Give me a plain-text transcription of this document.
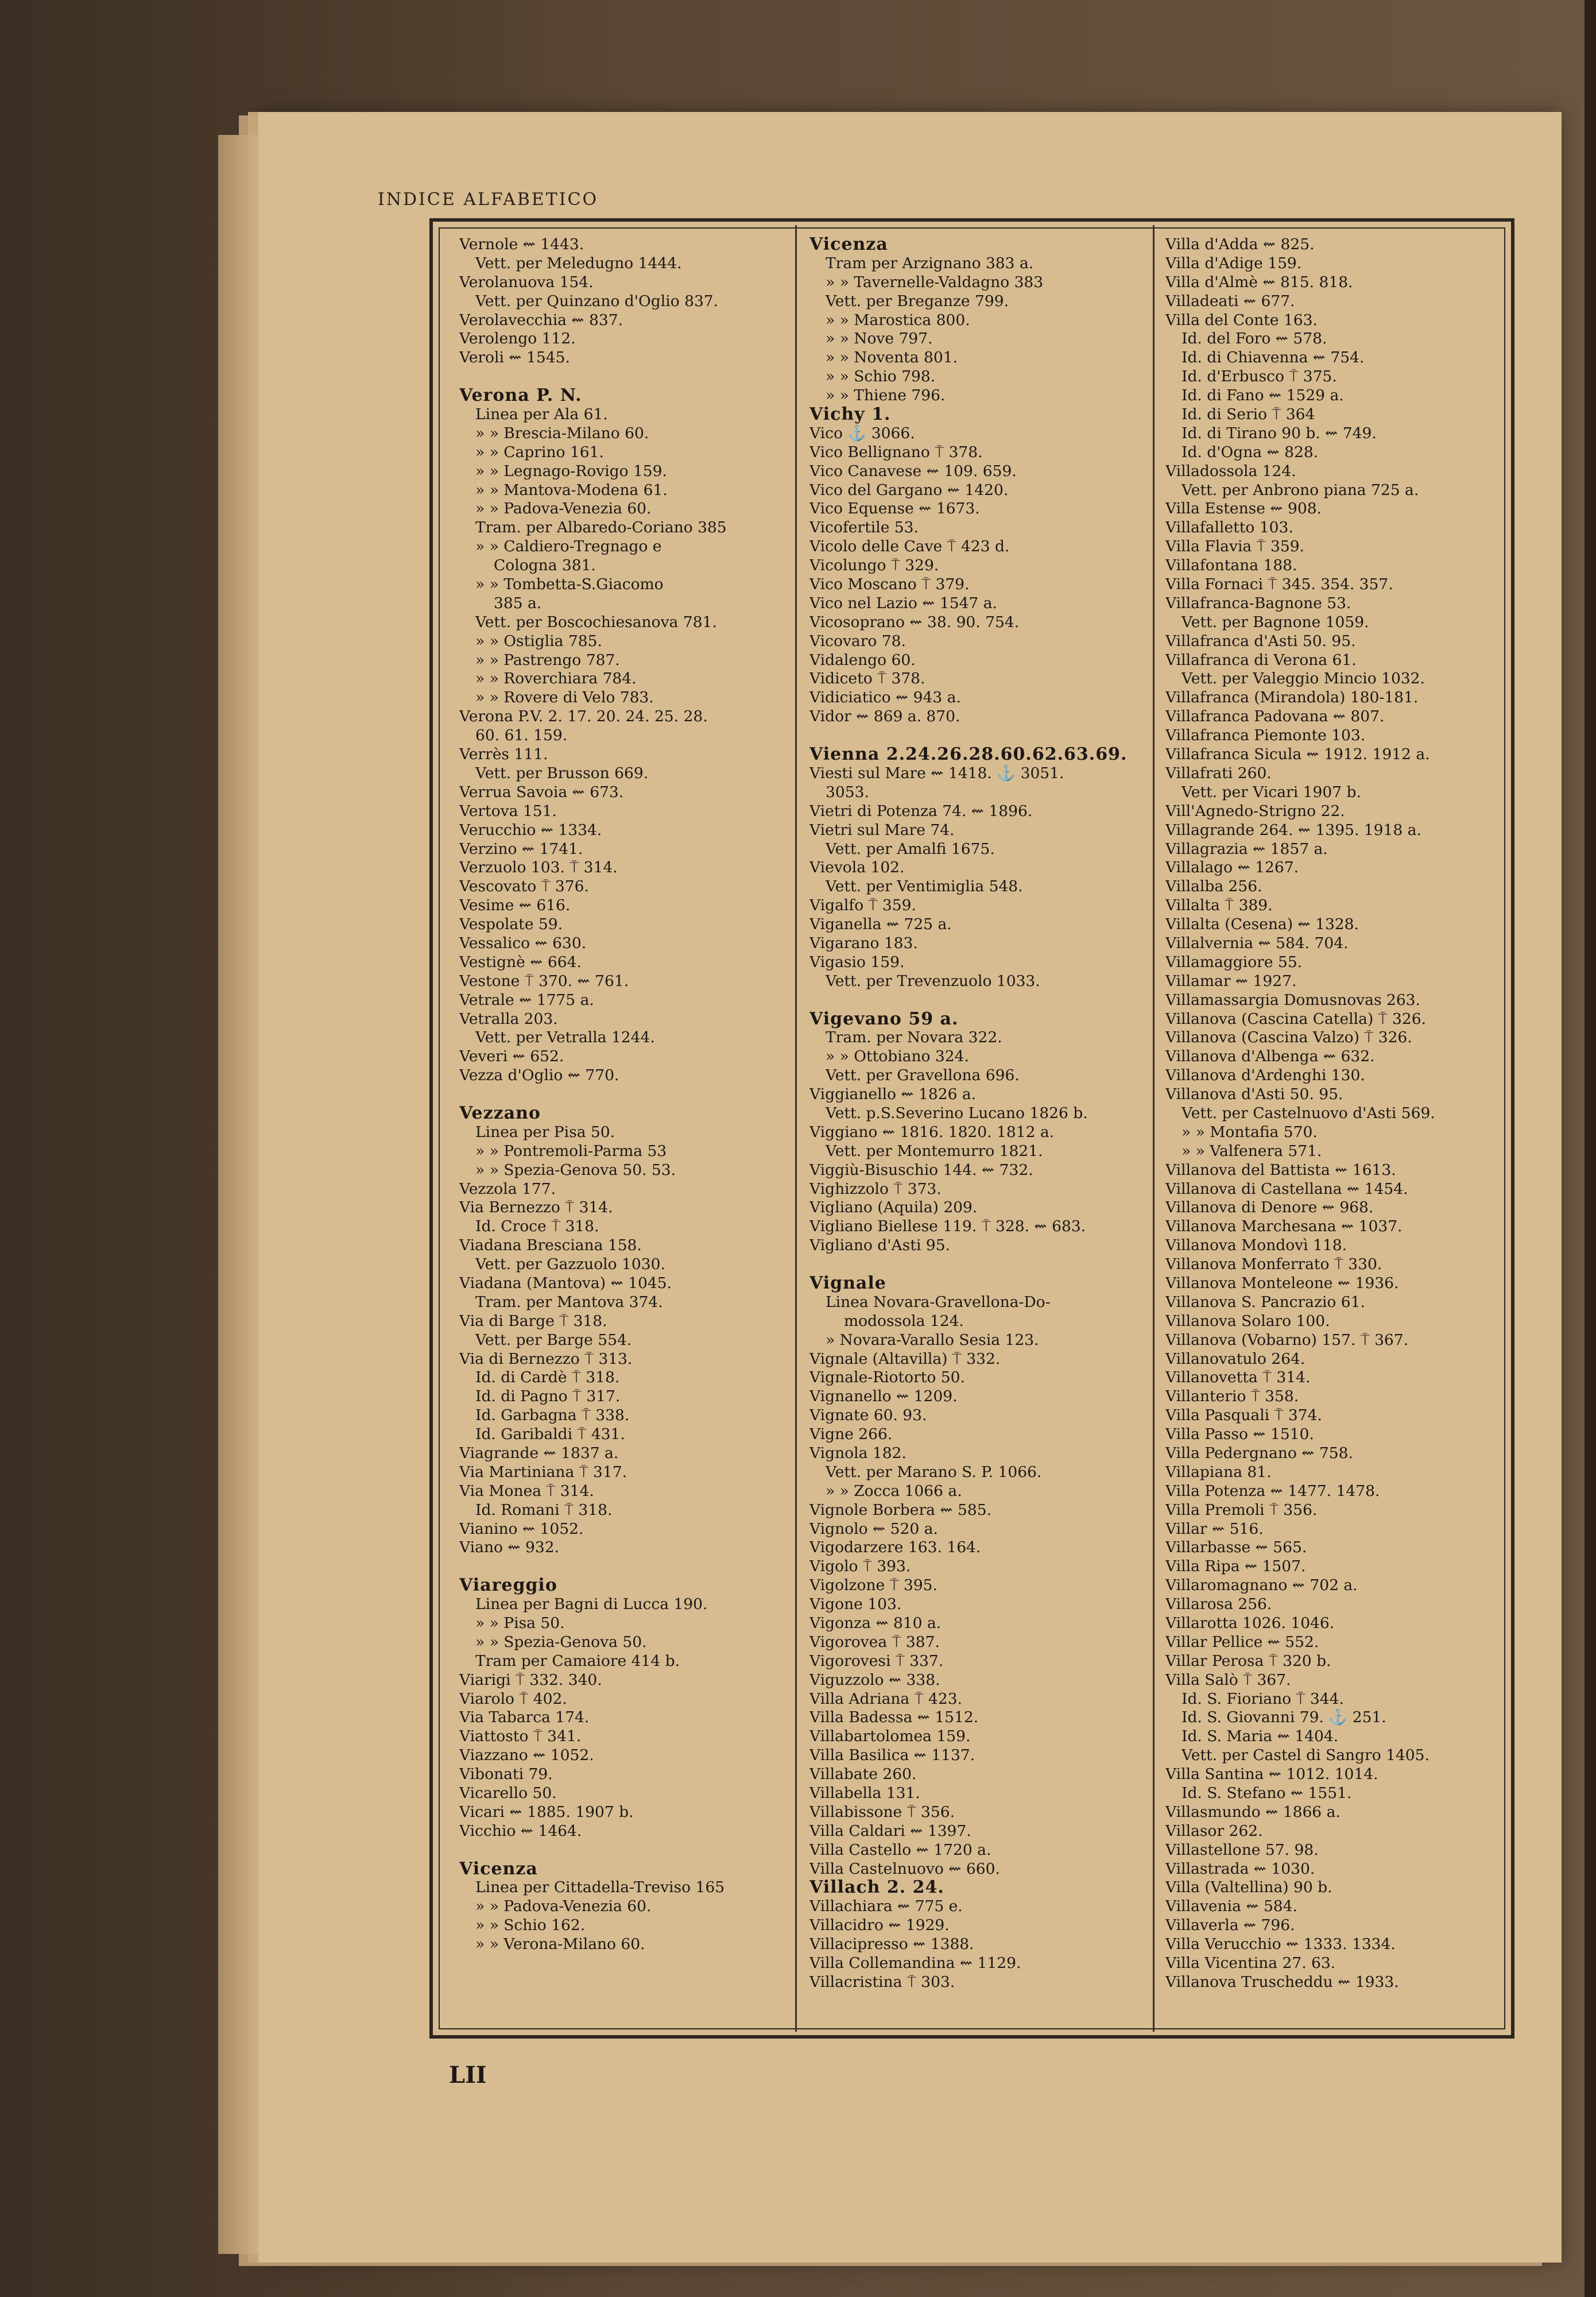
INDICE ALFABETICO
Vernole ⇜ 1443.
Vett. per Meledugno 1444.
Verolanuova 154.
Vett. per Quinzano d'Oglio 837.
Verolavecchia ⇜ 837.
Verolengo 112.
Veroli ⇜ 1545.
Verona P. N.
Linea per Ala 61.
» » Brescia-Milano 60.
» » Caprino 161.
» » Legnago-Rovigo 159.
» » Mantova-Modena 61.
» » Padova-Venezia 60.
Tram. per Albaredo-Coriano 385
» » Caldiero-Tregnago e
Cologna 381.
» » Tombetta-S.Giacomo
385 a.
Vett. per Boscochiesanova 781.
» » Ostiglia 785.
» » Pastrengo 787.
» » Roverchiara 784.
» » Rovere di Velo 783.
Verona P.V. 2. 17. 20. 24. 25. 28.
60. 61. 159.
Verrès 111.
Vett. per Brusson 669.
Verrua Savoia ⇜ 673.
Vertova 151.
Verucchio ⇜ 1334.
Verzino ⇜ 1741.
Verzuolo 103. ⍑ 314.
Vescovato ⍑ 376.
Vesime ⇜ 616.
Vespolate 59.
Vessalico ⇜ 630.
Vestignè ⇜ 664.
Vestone ⍑ 370. ⇜ 761.
Vetrale ⇜ 1775 a.
Vetralla 203.
Vett. per Vetralla 1244.
Veveri ⇜ 652.
Vezza d'Oglio ⇜ 770.
Vezzano
Linea per Pisa 50.
» » Pontremoli-Parma 53
» » Spezia-Genova 50. 53.
Vezzola 177.
Via Bernezzo ⍑ 314.
Id. Croce ⍑ 318.
Viadana Bresciana 158.
Vett. per Gazzuolo 1030.
Viadana (Mantova) ⇜ 1045.
Tram. per Mantova 374.
Via di Barge ⍑ 318.
Vett. per Barge 554.
Via di Bernezzo ⍑ 313.
Id. di Cardè ⍑ 318.
Id. di Pagno ⍑ 317.
Id. Garbagna ⍑ 338.
Id. Garibaldi ⍑ 431.
Viagrande ⇜ 1837 a.
Via Martiniana ⍑ 317.
Via Monea ⍑ 314.
Id. Romani ⍑ 318.
Vianino ⇜ 1052.
Viano ⇜ 932.
Viareggio
Linea per Bagni di Lucca 190.
» » Pisa 50.
» » Spezia-Genova 50.
Tram per Camaiore 414 b.
Viarigi ⍑ 332. 340.
Viarolo ⍑ 402.
Via Tabarca 174.
Viattosto ⍑ 341.
Viazzano ⇜ 1052.
Vibonati 79.
Vicarello 50.
Vicari ⇜ 1885. 1907 b.
Vicchio ⇜ 1464.
Vicenza
Linea per Cittadella-Treviso 165
» » Padova-Venezia 60.
» » Schio 162.
» » Verona-Milano 60.
Vicenza
Tram per Arzignano 383 a.
» » Tavernelle-Valdagno 383
Vett. per Breganze 799.
» » Marostica 800.
» » Nove 797.
» » Noventa 801.
» » Schio 798.
» » Thiene 796.
Vichy 1.
Vico ⚓ 3066.
Vico Bellignano ⍑ 378.
Vico Canavese ⇜ 109. 659.
Vico del Gargano ⇜ 1420.
Vico Equense ⇜ 1673.
Vicofertile 53.
Vicolo delle Cave ⍑ 423 d.
Vicolungo ⍑ 329.
Vico Moscano ⍑ 379.
Vico nel Lazio ⇜ 1547 a.
Vicosoprano ⇜ 38. 90. 754.
Vicovaro 78.
Vidalengo 60.
Vidiceto ⍑ 378.
Vidiciatico ⇜ 943 a.
Vidor ⇜ 869 a. 870.
Vienna 2.24.26.28.60.62.63.69.
Viesti sul Mare ⇜ 1418. ⚓ 3051.
3053.
Vietri di Potenza 74. ⇜ 1896.
Vietri sul Mare 74.
Vett. per Amalfi 1675.
Vievola 102.
Vett. per Ventimiglia 548.
Vigalfo ⍑ 359.
Viganella ⇜ 725 a.
Vigarano 183.
Vigasio 159.
Vett. per Trevenzuolo 1033.
Vigevano 59 a.
Tram. per Novara 322.
» » Ottobiano 324.
Vett. per Gravellona 696.
Viggianello ⇜ 1826 a.
Vett. p.S.Severino Lucano 1826 b.
Viggiano ⇜ 1816. 1820. 1812 a.
Vett. per Montemurro 1821.
Viggiù-Bisuschio 144. ⇜ 732.
Vighizzolo ⍑ 373.
Vigliano (Aquila) 209.
Vigliano Biellese 119. ⍑ 328. ⇜ 683.
Vigliano d'Asti 95.
Vignale
Linea Novara-Gravellona-Do-
modossola 124.
» Novara-Varallo Sesia 123.
Vignale (Altavilla) ⍑ 332.
Vignale-Riotorto 50.
Vignanello ⇜ 1209.
Vignate 60. 93.
Vigne 266.
Vignola 182.
Vett. per Marano S. P. 1066.
» » Zocca 1066 a.
Vignole Borbera ⇜ 585.
Vignolo ⇜ 520 a.
Vigodarzere 163. 164.
Vigolo ⍑ 393.
Vigolzone ⍑ 395.
Vigone 103.
Vigonza ⇜ 810 a.
Vigorovea ⍑ 387.
Vigorovesi ⍑ 337.
Viguzzolo ⇜ 338.
Villa Adriana ⍑ 423.
Villa Badessa ⇜ 1512.
Villabartolomea 159.
Villa Basilica ⇜ 1137.
Villabate 260.
Villabella 131.
Villabissone ⍑ 356.
Villa Caldari ⇜ 1397.
Villa Castello ⇜ 1720 a.
Villa Castelnuovo ⇜ 660.
Villach 2. 24.
Villachiara ⇜ 775 e.
Villacidro ⇜ 1929.
Villacipresso ⇜ 1388.
Villa Collemandina ⇜ 1129.
Villacristina ⍑ 303.
Villa d'Adda ⇜ 825.
Villa d'Adige 159.
Villa d'Almè ⇜ 815. 818.
Villadeati ⇜ 677.
Villa del Conte 163.
Id. del Foro ⇜ 578.
Id. di Chiavenna ⇜ 754.
Id. d'Erbusco ⍑ 375.
Id. di Fano ⇜ 1529 a.
Id. di Serio ⍑ 364
Id. di Tirano 90 b. ⇜ 749.
Id. d'Ogna ⇜ 828.
Villadossola 124.
Vett. per Anbrono piana 725 a.
Villa Estense ⇜ 908.
Villafalletto 103.
Villa Flavia ⍑ 359.
Villafontana 188.
Villa Fornaci ⍑ 345. 354. 357.
Villafranca-Bagnone 53.
Vett. per Bagnone 1059.
Villafranca d'Asti 50. 95.
Villafranca di Verona 61.
Vett. per Valeggio Mincio 1032.
Villafranca (Mirandola) 180-181.
Villafranca Padovana ⇜ 807.
Villafranca Piemonte 103.
Villafranca Sicula ⇜ 1912. 1912 a.
Villafrati 260.
Vett. per Vicari 1907 b.
Vill'Agnedo-Strigno 22.
Villagrande 264. ⇜ 1395. 1918 a.
Villagrazia ⇜ 1857 a.
Villalago ⇜ 1267.
Villalba 256.
Villalta ⍑ 389.
Villalta (Cesena) ⇜ 1328.
Villalvernia ⇜ 584. 704.
Villamaggiore 55.
Villamar ⇜ 1927.
Villamassargia Domusnovas 263.
Villanova (Cascina Catella) ⍑ 326.
Villanova (Cascina Valzo) ⍑ 326.
Villanova d'Albenga ⇜ 632.
Villanova d'Ardenghi 130.
Villanova d'Asti 50. 95.
Vett. per Castelnuovo d'Asti 569.
» » Montafia 570.
» » Valfenera 571.
Villanova del Battista ⇜ 1613.
Villanova di Castellana ⇜ 1454.
Villanova di Denore ⇜ 968.
Villanova Marchesana ⇜ 1037.
Villanova Mondovì 118.
Villanova Monferrato ⍑ 330.
Villanova Monteleone ⇜ 1936.
Villanova S. Pancrazio 61.
Villanova Solaro 100.
Villanova (Vobarno) 157. ⍑ 367.
Villanovatulo 264.
Villanovetta ⍑ 314.
Villanterio ⍑ 358.
Villa Pasquali ⍑ 374.
Villa Passo ⇜ 1510.
Villa Pedergnano ⇜ 758.
Villapiana 81.
Villa Potenza ⇜ 1477. 1478.
Villa Premoli ⍑ 356.
Villar ⇜ 516.
Villarbasse ⇜ 565.
Villa Ripa ⇜ 1507.
Villaromagnano ⇜ 702 a.
Villarosa 256.
Villarotta 1026. 1046.
Villar Pellice ⇜ 552.
Villar Perosa ⍑ 320 b.
Villa Salò ⍑ 367.
Id. S. Fioriano ⍑ 344.
Id. S. Giovanni 79. ⚓ 251.
Id. S. Maria ⇜ 1404.
Vett. per Castel di Sangro 1405.
Villa Santina ⇜ 1012. 1014.
Id. S. Stefano ⇜ 1551.
Villasmundo ⇜ 1866 a.
Villasor 262.
Villastellone 57. 98.
Villastrada ⇜ 1030.
Villa (Valtellina) 90 b.
Villavenia ⇜ 584.
Villaverla ⇜ 796.
Villa Verucchio ⇜ 1333. 1334.
Villa Vicentina 27. 63.
Villanova Truscheddu ⇜ 1933.
LII
